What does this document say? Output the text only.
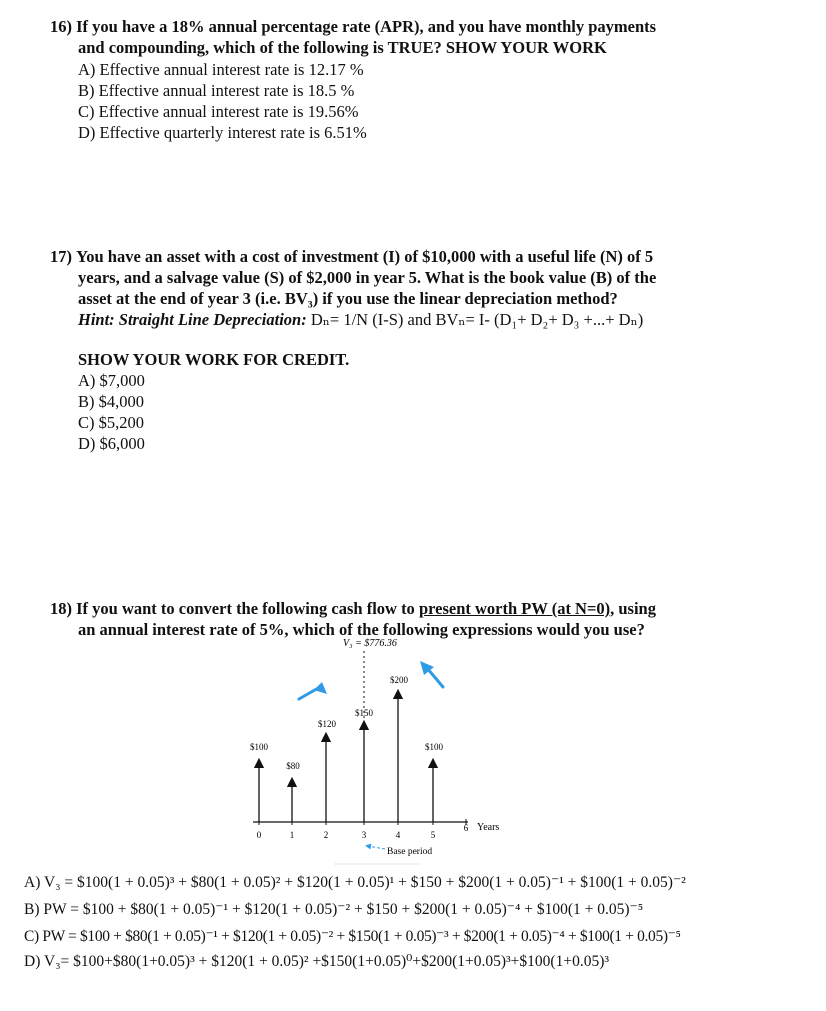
16) If you have a 18% annual percentage rate (APR), and you have monthly payments
and compounding, which of the following is TRUE? SHOW YOUR WORK
A) Effective annual interest rate is 12.17 %
B) Effective annual interest rate is 18.5 %
C) Effective annual interest rate is 19.56%
D) Effective quarterly interest rate is 6.51%
17) You have an asset with a cost of investment (I) of $10,000 with a useful life (N) of 5
years, and a salvage value (S) of $2,000 in year 5. What is the book value (B) of the
asset at the end of year 3 (i.e. BV₃) if you use the linear depreciation method?
Hint: Straight Line Depreciation: Dₙ= 1/N (I-S) and BVₙ= I- (D₁+ D₂+ D₃ +...+ Dₙ)
SHOW YOUR WORK FOR CREDIT.
A) $7,000
B) $4,000
C) $5,200
D) $6,000
18) If you want to convert the following cash flow to present worth PW (at N=0), using
an annual interest rate of 5%, which of the following expressions would you use?
V₃ = $776.36
0	1	2	3	4	5
6 Years
$100
$80
$120
$150
$200
$100
Base period
A) V₃ = $100(1 + 0.05)³ + $80(1 + 0.05)² + $120(1 + 0.05)¹ + $150 + $200(1 + 0.05)⁻¹ + $100(1 + 0.05)⁻²
B) PW = $100 + $80(1 + 0.05)⁻¹ + $120(1 + 0.05)⁻² + $150 + $200(1 + 0.05)⁻⁴ + $100(1 + 0.05)⁻⁵
C) PW = $100 + $80(1 + 0.05)⁻¹ + $120(1 + 0.05)⁻² + $150(1 + 0.05)⁻³ + $200(1 + 0.05)⁻⁴ + $100(1 + 0.05)⁻⁵
D) V₃= $100+$80(1+0.05)³ + $120(1 + 0.05)² +$150(1+0.05)⁰+$200(1+0.05)³+$100(1+0.05)³
